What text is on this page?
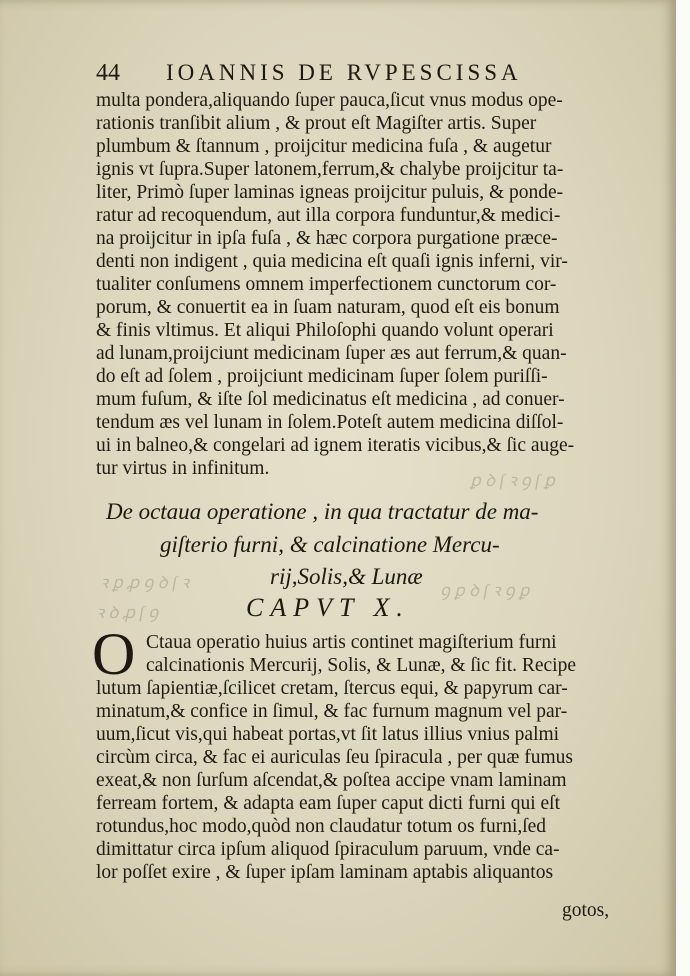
ꝑ ꝺ ſ ꝛ ꝯ ſ ꝑ
ꝛ ꝑ ꝓ ꝯ ꝺ ſ ꝛ	ꝯ ꝑ ꝺ ſ ꝛ ꝯ ꝑ
ꝛ ꝺ ꝓ ſ ꝯ
44 IOANNIS DE RVPESCISSA
multa pondera,aliquando ſuper pauca,ſicut vnus modus ope-
rationis tranſibit alium , & prout eſt Magiſter artis. Super
plumbum & ſtannum , proijcitur medicina fuſa , & augetur
ignis vt ſupra.Super latonem,ferrum,& chalybe proijcitur ta-
liter, Primò ſuper laminas igneas proijcitur puluis, & ponde-
ratur ad recoquendum, aut illa corpora funduntur,& medici-
na proijcitur in ipſa fuſa , & hæc corpora purgatione præce-
denti non indigent , quia medicina eſt quaſi ignis inferni, vir-
tualiter conſumens omnem imperfectionem cunctorum cor-
porum, & conuertit ea in ſuam naturam, quod eſt eis bonum
& finis vltimus. Et aliqui Philoſophi quando volunt operari
ad lunam,proijciunt medicinam ſuper æs aut ferrum,& quan-
do eſt ad ſolem , proijciunt medicinam ſuper ſolem puriſſi-
mum fuſum, & iſte ſol medicinatus eſt medicina , ad conuer-
tendum æs vel lunam in ſolem.Poteſt autem medicina diſſol-
ui in balneo,& congelari ad ignem iteratis vicibus,& ſic auge-
tur virtus in infinitum.
De octaua operatione , in qua tractatur de ma-
giſterio furni, & calcinatione Mercu-
rij,Solis,& Lunæ
CAPVT X.
O Ctaua operatio huius artis continet magiſterium furni
calcinationis Mercurij, Solis, & Lunæ, & ſic fit. Recipe
lutum ſapientiæ,ſcilicet cretam, ſtercus equi, & papyrum car-
minatum,& confice in ſimul, & fac furnum magnum vel par-
uum,ſicut vis,qui habeat portas,vt ſit latus illius vnius palmi
circùm circa, & fac ei auriculas ſeu ſpiracula , per quæ fumus
exeat,& non ſurſum aſcendat,& poſtea accipe vnam laminam
ferream fortem, & adapta eam ſuper caput dicti furni qui eſt
rotundus,hoc modo,quòd non claudatur totum os furni,ſed
dimittatur circa ipſum aliquod ſpiraculum paruum, vnde ca-
lor poſſet exire , & ſuper ipſam laminam aptabis aliquantos
gotos,
